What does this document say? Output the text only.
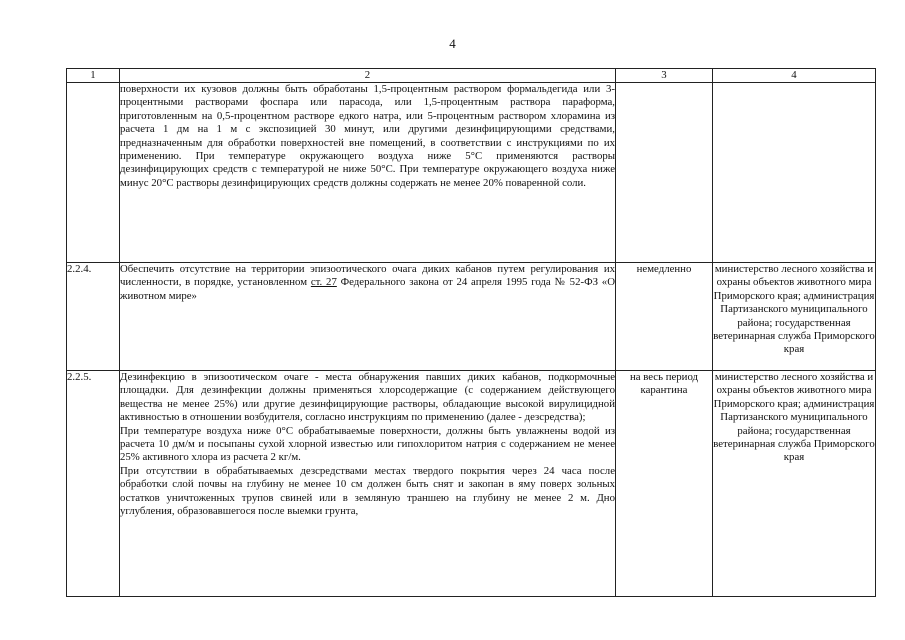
4
1	2	3	4

	поверхности их кузовов должны быть обработаны 1,5-процентным раствором формальдегида или 3-процентными растворами фоспара или парасода, или 1,5-процентным раствора параформа, приготовленным на 0,5-процентном растворе едкого натра, или 5-процентным раствором хлорамина из расчета 1 дм на 1 м с экспозицией 30 минут, или другими дезинфицирующими средствами, предназначенным для обработки поверхностей вне помещений, в соответствии с инструкциями по их применению. При температуре окружающего воздуха ниже 5°С применяются растворы дезинфицирующих средств с температурой не ниже 50°С. При температуре окружающего воздуха ниже минус 20°С растворы дезинфицирующих средств должны содержать не менее 20% поваренной соли.		

2.2.4.	Обеспечить отсутствие на территории эпизоотического очага диких кабанов путем регулирования их численности, в порядке, установленном ст. 27 Федерального закона от 24 апреля 1995 года № 52-ФЗ «О животном мире»	немедленно	министерство лесного хозяйства и охраны объектов животного мира Приморского края; администрация Партизанского муниципального района; государственная ветеринарная служба Приморского края
2.2.5.	Дезинфекцию в эпизоотическом очаге - места обнаружения павших диких кабанов, подкормочные площадки. Для дезинфекции должны применяться хлорсодержащие (с содержанием действующего вещества не менее 25%) или другие дезинфицирующие растворы, обладающие высокой вирулицидной активностью в отношении возбудителя, согласно инструкциям по применению (далее - дезсредства);

При температуре воздуха ниже 0°С обрабатываемые поверхности, должны быть увлажнены водой из расчета 10 дм/м и посыпаны сухой хлорной известью или гипохлоритом натрия с содержанием не менее 25% активного хлора из расчета 2 кг/м.

При отсутствии в обрабатываемых дезсредствами местах твердого покрытия через 24 часа после обработки слой почвы на глубину не менее 10 см должен быть снят и закопан в яму поверх зольных остатков уничтоженных трупов свиней или в земляную траншею на глубину не менее 2 м. Дно углубления, образовавшегося после выемки грунта,	на весь период карантина	министерство лесного хозяйства и охраны объектов животного мира Приморского края; администрация Партизанского муниципального района; государственная ветеринарная служба Приморского края
